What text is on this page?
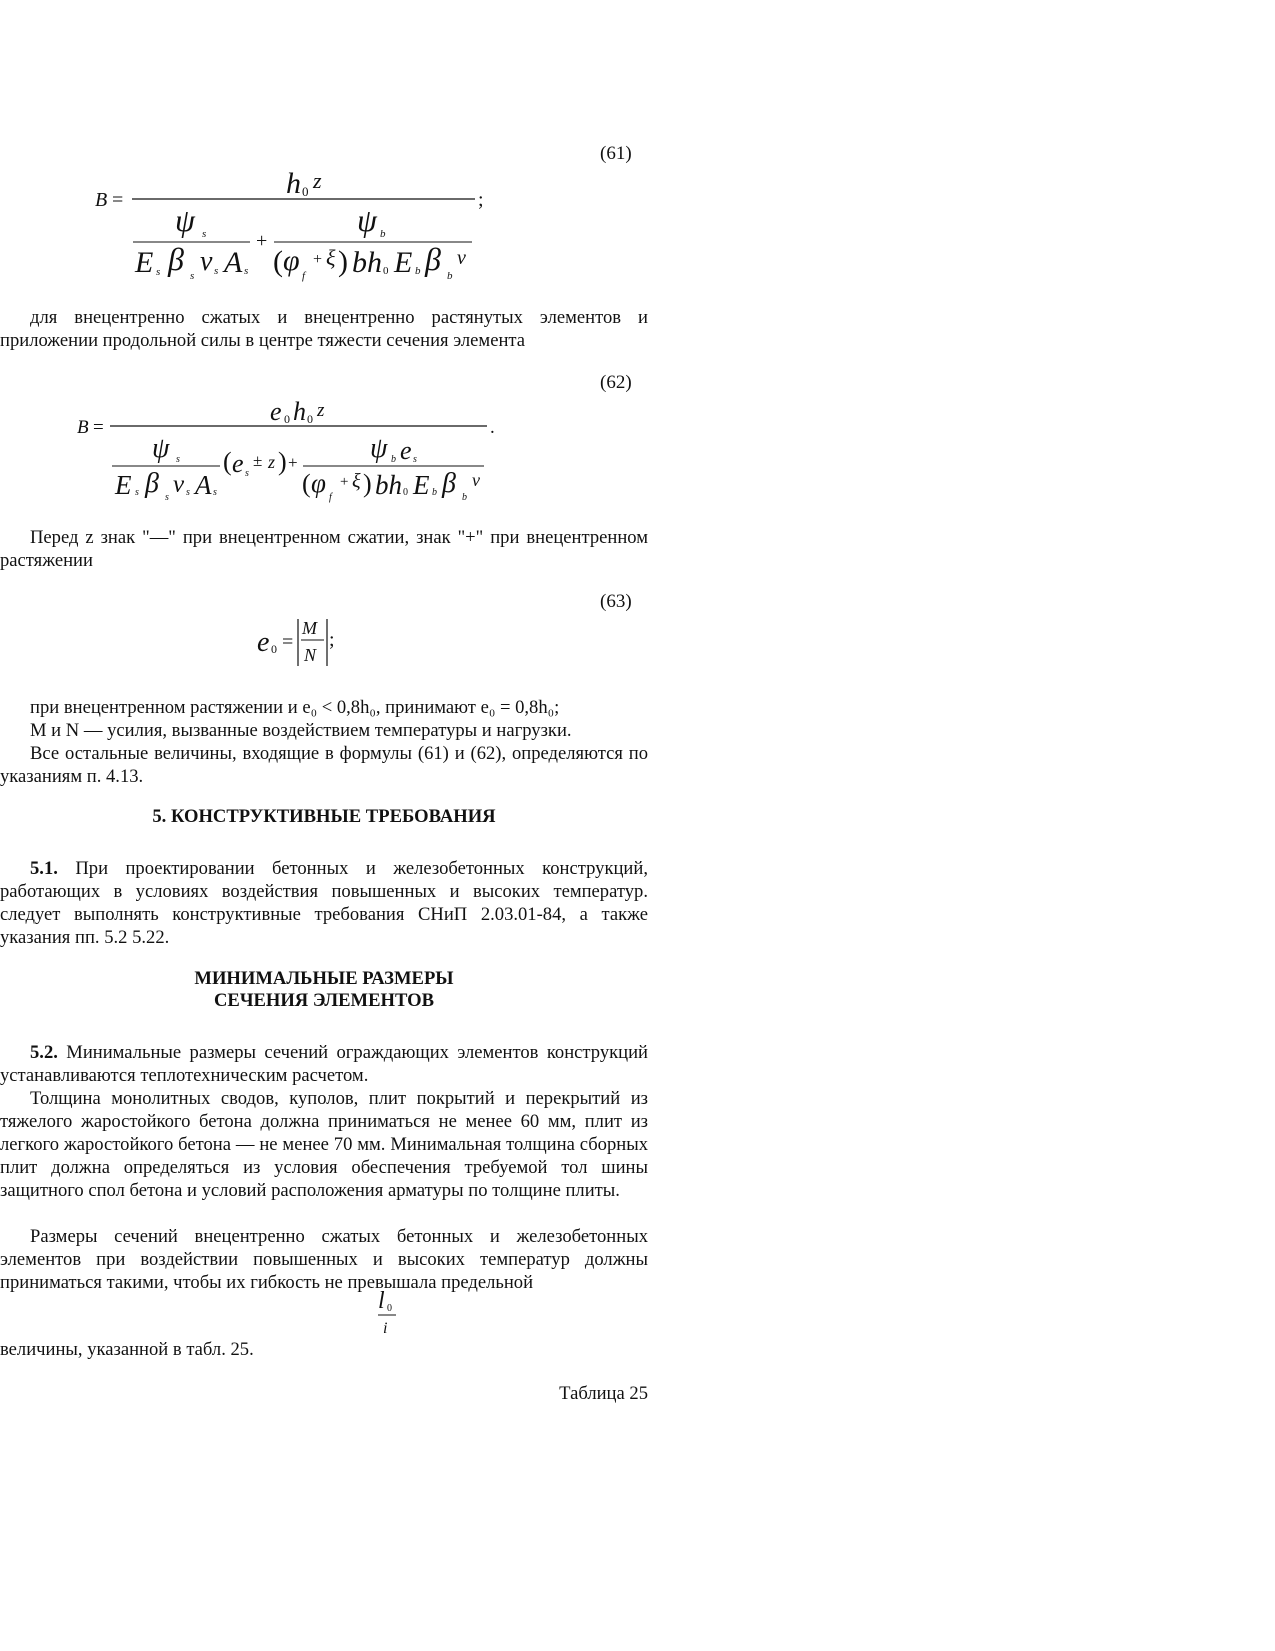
(61)
B =	h 0 z
;
ψ s
E s β s ν s A s
+
ψ b
( φ f
+ ξ ) bh 0 E b β b
ν

для внецентренно сжатых и внецентренно растянутых элементов и приложении продольной силы в центре тяжести сечения элемента

(62)
B =
e 0 h 0 z
.
ψ s
E s β s ν s A s
( e s
± z ) +	ψ b e s
( φ f
+ ξ ) bh 0 E b β b
ν

Перед z знак "—" при внецентренном сжатии, знак "+" при внецентренном растяжении

(63)
e 0 =
M
N
;

при внецентренном растяжении и e₀ < 0,8h₀, принимают e₀ = 0,8h₀;

M и N — усилия, вызванные воздействием температуры и нагрузки.

Все остальные величины, входящие в формулы (61) и (62), определяются по указаниям п. 4.13.

5. КОНСТРУКТИВНЫЕ ТРЕБОВАНИЯ

5.1. При проектировании бетонных и железобетонных конструкций, работающих в условиях воздействия повышенных и высоких температур. следует выполнять конструктивные требования СНиП 2.03.01-84, а также указания пп. 5.2 5.22.

МИНИМАЛЬНЫЕ РАЗМЕРЫ
СЕЧЕНИЯ ЭЛЕМЕНТОВ

5.2. Минимальные размеры сечений ограждающих элементов конструкций устанавливаются теплотехническим расчетом.

Толщина монолитных сводов, куполов, плит покрытий и перекрытий из тяжелого жаростойкого бетона должна приниматься не менее 60 мм, плит из легкого жаростойкого бетона — не менее 70 мм. Минимальная толщина сборных плит должна определяться из условия обеспечения требуемой тол шины защитного спол бетона и условий расположения арматуры по толщине плиты.

Размеры сечений внецентренно сжатых бетонных и железобетонных элементов при воздействии повышенных и высоких температур должны приниматься такими, чтобы их гибкость не превышала предельной

l 0
i

величины, указанной в табл. 25.

Таблица 25
